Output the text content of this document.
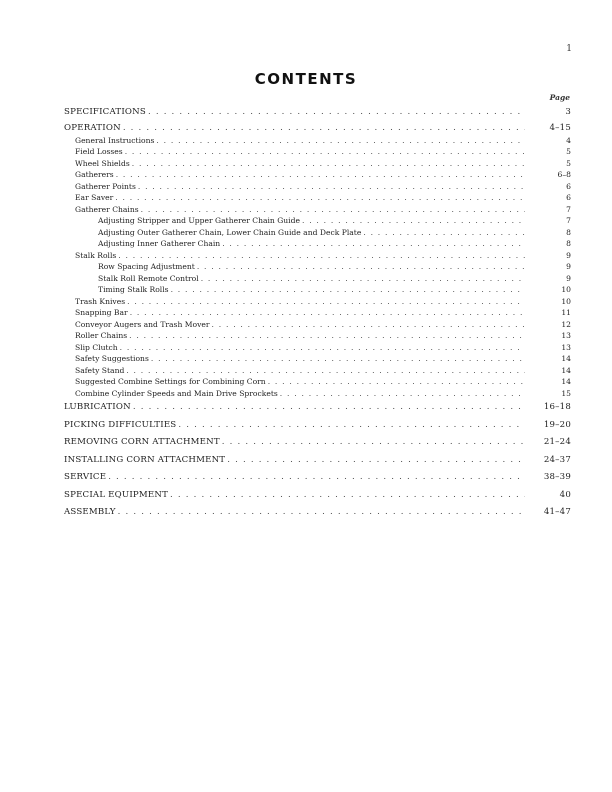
1
CONTENTS
Page
SPECIFICATIONS . . .	3
OPERATION . . .	4–15
General Instructions . . .	4
Field Losses . . .	5
Wheel Shields . . .	5
Gatherers . . .	6–8
Gatherer Points . . .	6
Ear Saver . . .	6
Gatherer Chains . . .	7
Adjusting Stripper and Upper Gatherer Chain Guide . . .	7
Adjusting Outer Gatherer Chain, Lower Chain Guide and Deck Plate . . .	8
Adjusting Inner Gatherer Chain . . .	8
Stalk Rolls . . .	9
Row Spacing Adjustment . . .	9
Stalk Roll Remote Control . . .	9
Timing Stalk Rolls . . .	10
Trash Knives . . .	10
Snapping Bar . . .	11
Conveyor Augers and Trash Mover . . .	12
Roller Chains . . .	13
Slip Clutch . . .	13
Safety Suggestions . . .	14
Safety Stand . . .	14
Suggested Combine Settings for Combining Corn . . .	14
Combine Cylinder Speeds and Main Drive Sprockets . . .	15
LUBRICATION . . .	16–18
PICKING DIFFICULTIES . . .	19–20
REMOVING CORN ATTACHMENT . . .	21–24
INSTALLING CORN ATTACHMENT . . .	24–37
SERVICE . . .	38–39
SPECIAL EQUIPMENT . . .	40
ASSEMBLY . . .	41–47
